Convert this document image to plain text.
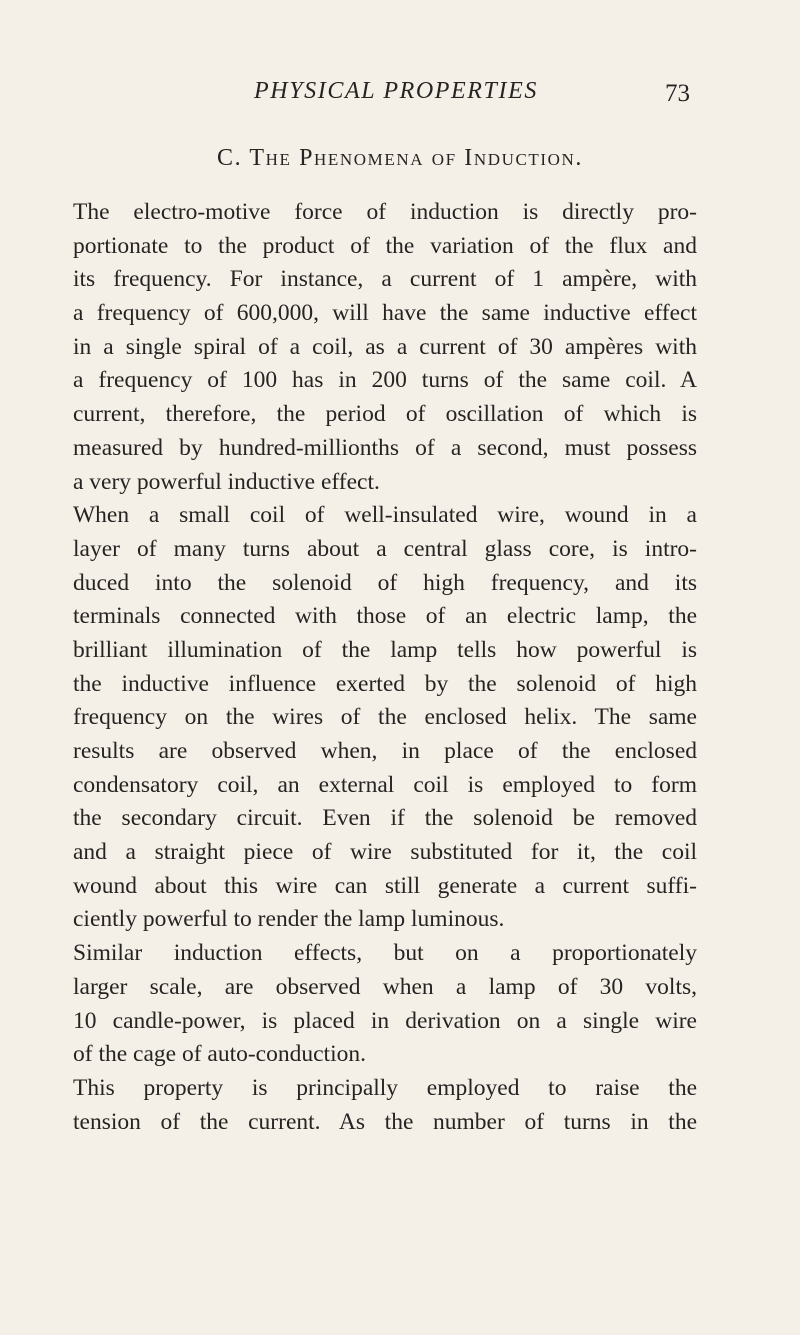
PHYSICAL PROPERTIES	73
C. The Phenomena of Induction.
The electro-motive force of induction is directly pro-
portionate to the product of the variation of the flux and
its frequency. For instance, a current of 1 ampère, with
a frequency of 600,000, will have the same inductive effect
in a single spiral of a coil, as a current of 30 ampères with
a frequency of 100 has in 200 turns of the same coil. A
current, therefore, the period of oscillation of which is
measured by hundred-millionths of a second, must possess
a very powerful inductive effect.
When a small coil of well-insulated wire, wound in a
layer of many turns about a central glass core, is intro-
duced into the solenoid of high frequency, and its
terminals connected with those of an electric lamp, the
brilliant illumination of the lamp tells how powerful is
the inductive influence exerted by the solenoid of high
frequency on the wires of the enclosed helix. The same
results are observed when, in place of the enclosed
condensatory coil, an external coil is employed to form
the secondary circuit. Even if the solenoid be removed
and a straight piece of wire substituted for it, the coil
wound about this wire can still generate a current suffi-
ciently powerful to render the lamp luminous.
Similar induction effects, but on a proportionately
larger scale, are observed when a lamp of 30 volts,
10 candle-power, is placed in derivation on a single wire
of the cage of auto-conduction.
This property is principally employed to raise the
tension of the current. As the number of turns in the
